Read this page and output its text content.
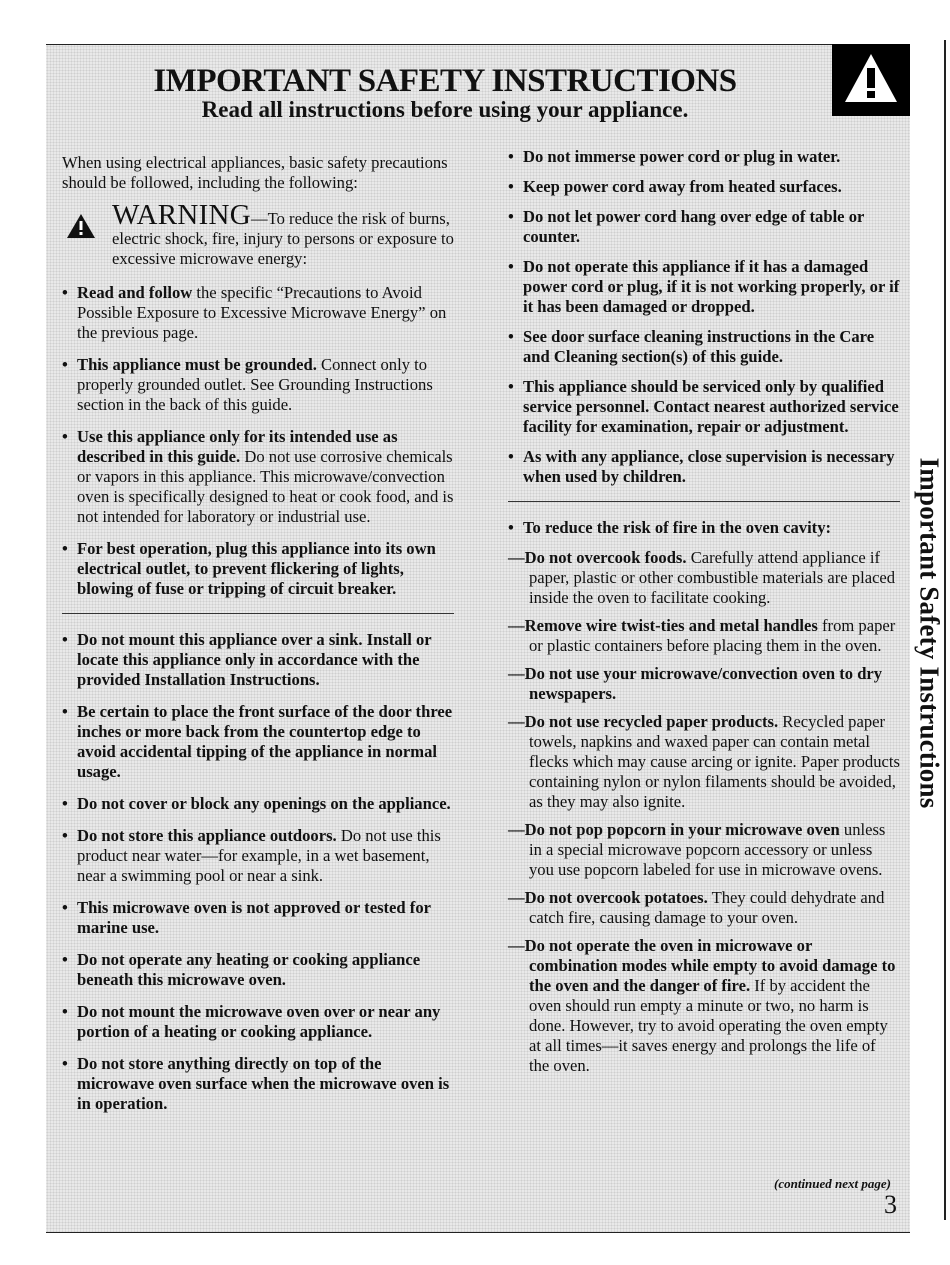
Important Safety Instructions
IMPORTANT SAFETY INSTRUCTIONS
Read all instructions before using your appliance.

When using electrical appliances, basic safety precautions should be followed, including the following:

WARNING—To reduce the risk of burns, electric shock, fire, injury to persons or exposure to excessive microwave energy:

• Read and follow the specific “Precautions to Avoid Possible Exposure to Excessive Microwave Energy” on the previous page.

• This appliance must be grounded. Connect only to properly grounded outlet. See Grounding Instructions section in the back of this guide.

• Use this appliance only for its intended use as described in this guide. Do not use corrosive chemicals or vapors in this appliance. This microwave/convection oven is specifically designed to heat or cook food, and is not intended for laboratory or industrial use.

• For best operation, plug this appliance into its own electrical outlet, to prevent flickering of lights, blowing of fuse or tripping of circuit breaker.

• Do not mount this appliance over a sink. Install or locate this appliance only in accordance with the provided Installation Instructions.

• Be certain to place the front surface of the door three inches or more back from the countertop edge to avoid accidental tipping of the appliance in normal usage.

• Do not cover or block any openings on the appliance.

• Do not store this appliance outdoors. Do not use this product near water—for example, in a wet basement, near a swimming pool or near a sink.

• This microwave oven is not approved or tested for marine use.

• Do not operate any heating or cooking appliance beneath this microwave oven.

• Do not mount the microwave oven over or near any portion of a heating or cooking appliance.

• Do not store anything directly on top of the microwave oven surface when the microwave oven is in operation.

• Do not immerse power cord or plug in water.

• Keep power cord away from heated surfaces.

• Do not let power cord hang over edge of table or counter.

• Do not operate this appliance if it has a damaged power cord or plug, if it is not working properly, or if it has been damaged or dropped.

• See door surface cleaning instructions in the Care and Cleaning section(s) of this guide.

• This appliance should be serviced only by qualified service personnel. Contact nearest authorized service facility for examination, repair or adjustment.

• As with any appliance, close supervision is necessary when used by children.

• To reduce the risk of fire in the oven cavity:

—Do not overcook foods. Carefully attend appliance if paper, plastic or other combustible materials are placed inside the oven to facilitate cooking.

—Remove wire twist-ties and metal handles from paper or plastic containers before placing them in the oven.

—Do not use your microwave/convection oven to dry newspapers.

—Do not use recycled paper products. Recycled paper towels, napkins and waxed paper can contain metal flecks which may cause arcing or ignite. Paper products containing nylon or nylon filaments should be avoided, as they may also ignite.

—Do not pop popcorn in your microwave oven unless in a special microwave popcorn accessory or unless you use popcorn labeled for use in microwave ovens.

—Do not overcook potatoes. They could dehydrate and catch fire, causing damage to your oven.

—Do not operate the oven in microwave or combination modes while empty to avoid damage to the oven and the danger of fire. If by accident the oven should run empty a minute or two, no harm is done. However, try to avoid operating the oven empty at all times—it saves energy and prolongs the life of the oven.

(continued next page)
3
